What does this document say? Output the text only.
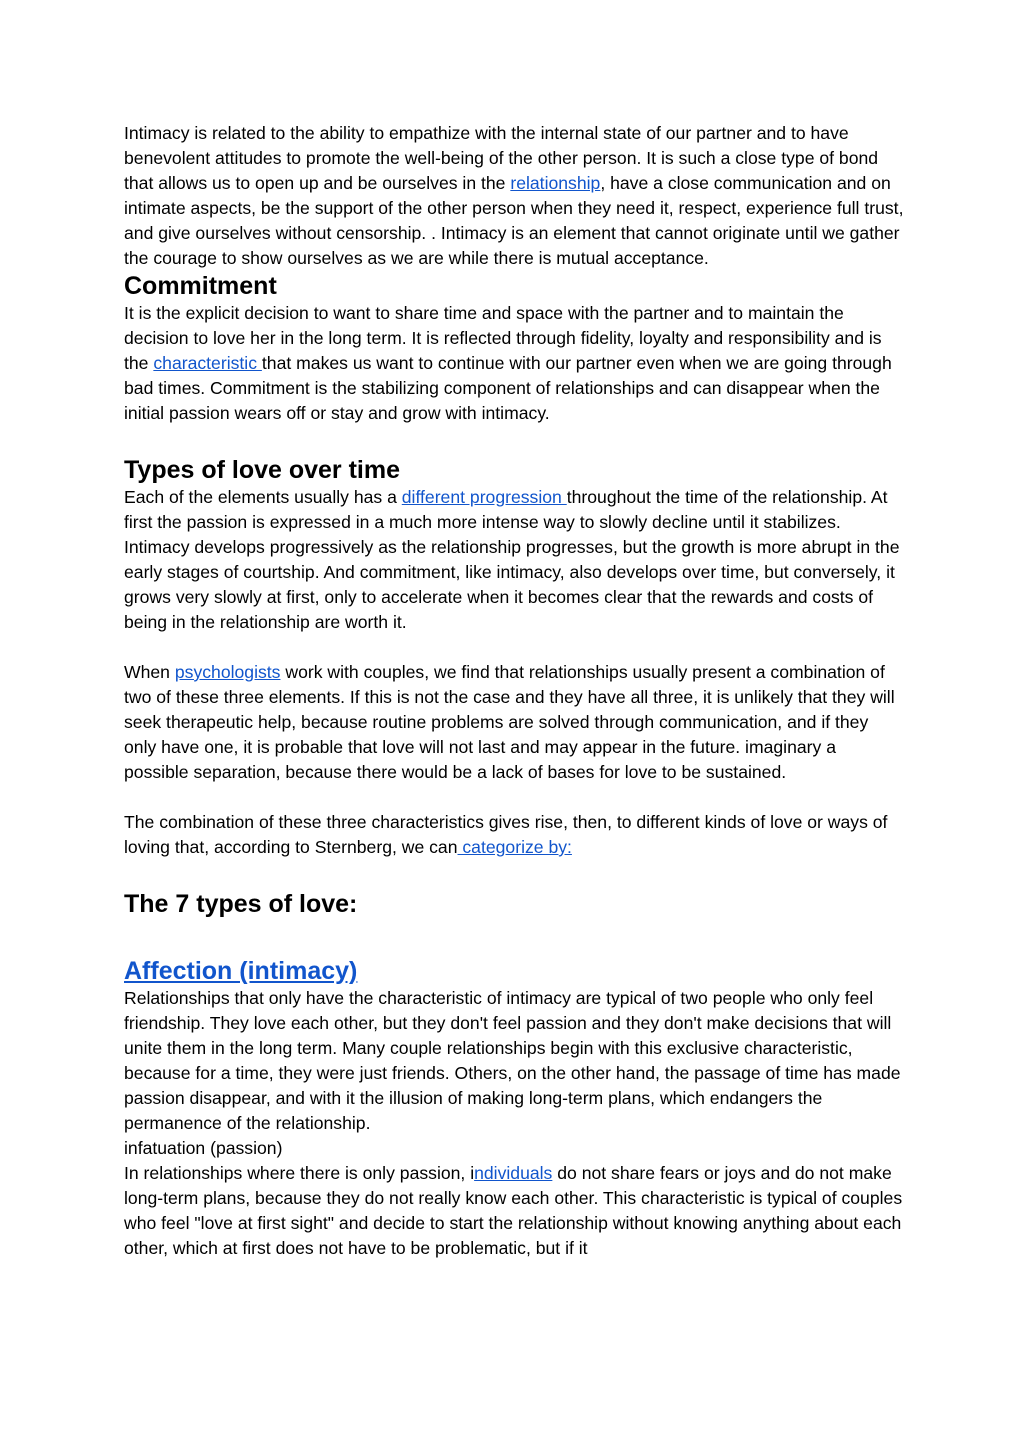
Intimacy is related to the ability to empathize with the internal state of our partner and to have benevolent attitudes to promote the well-being of the other person. It is such a close type of bond that allows us to open up and be ourselves in the relationship, have a close communication and on intimate aspects, be the support of the other person when they need it, respect, experience full trust, and give ourselves without censorship. . Intimacy is an element that cannot originate until we gather the courage to show ourselves as we are while there is mutual acceptance.

Commitment

It is the explicit decision to want to share time and space with the partner and to maintain the decision to love her in the long term. It is reflected through fidelity, loyalty and responsibility and is the characteristic that makes us want to continue with our partner even when we are going through bad times. Commitment is the stabilizing component of relationships and can disappear when the initial passion wears off or stay and grow with intimacy.

Types of love over time

Each of the elements usually has a different progression throughout the time of the relationship. At first the passion is expressed in a much more intense way to slowly decline until it stabilizes. Intimacy develops progressively as the relationship progresses, but the growth is more abrupt in the early stages of courtship. And commitment, like intimacy, also develops over time, but conversely, it grows very slowly at first, only to accelerate when it becomes clear that the rewards and costs of being in the relationship are worth it.

When psychologists work with couples, we find that relationships usually present a combination of two of these three elements. If this is not the case and they have all three, it is unlikely that they will seek therapeutic help, because routine problems are solved through communication, and if they only have one, it is probable that love will not last and may appear in the future. imaginary a possible separation, because there would be a lack of bases for love to be sustained.

The combination of these three characteristics gives rise, then, to different kinds of love or ways of loving that, according to Sternberg, we can categorize by:

The 7 types of love:
Affection (intimacy)

Relationships that only have the characteristic of intimacy are typical of two people who only feel friendship. They love each other, but they don't feel passion and they don't make decisions that will unite them in the long term. Many couple relationships begin with this exclusive characteristic, because for a time, they were just friends. Others, on the other hand, the passage of time has made passion disappear, and with it the illusion of making long-term plans, which endangers the permanence of the relationship.

infatuation (passion)

In relationships where there is only passion, individuals do not share fears or joys and do not make long-term plans, because they do not really know each other. This characteristic is typical of couples who feel "love at first sight" and decide to start the relationship without knowing anything about each other, which at first does not have to be problematic, but if it
